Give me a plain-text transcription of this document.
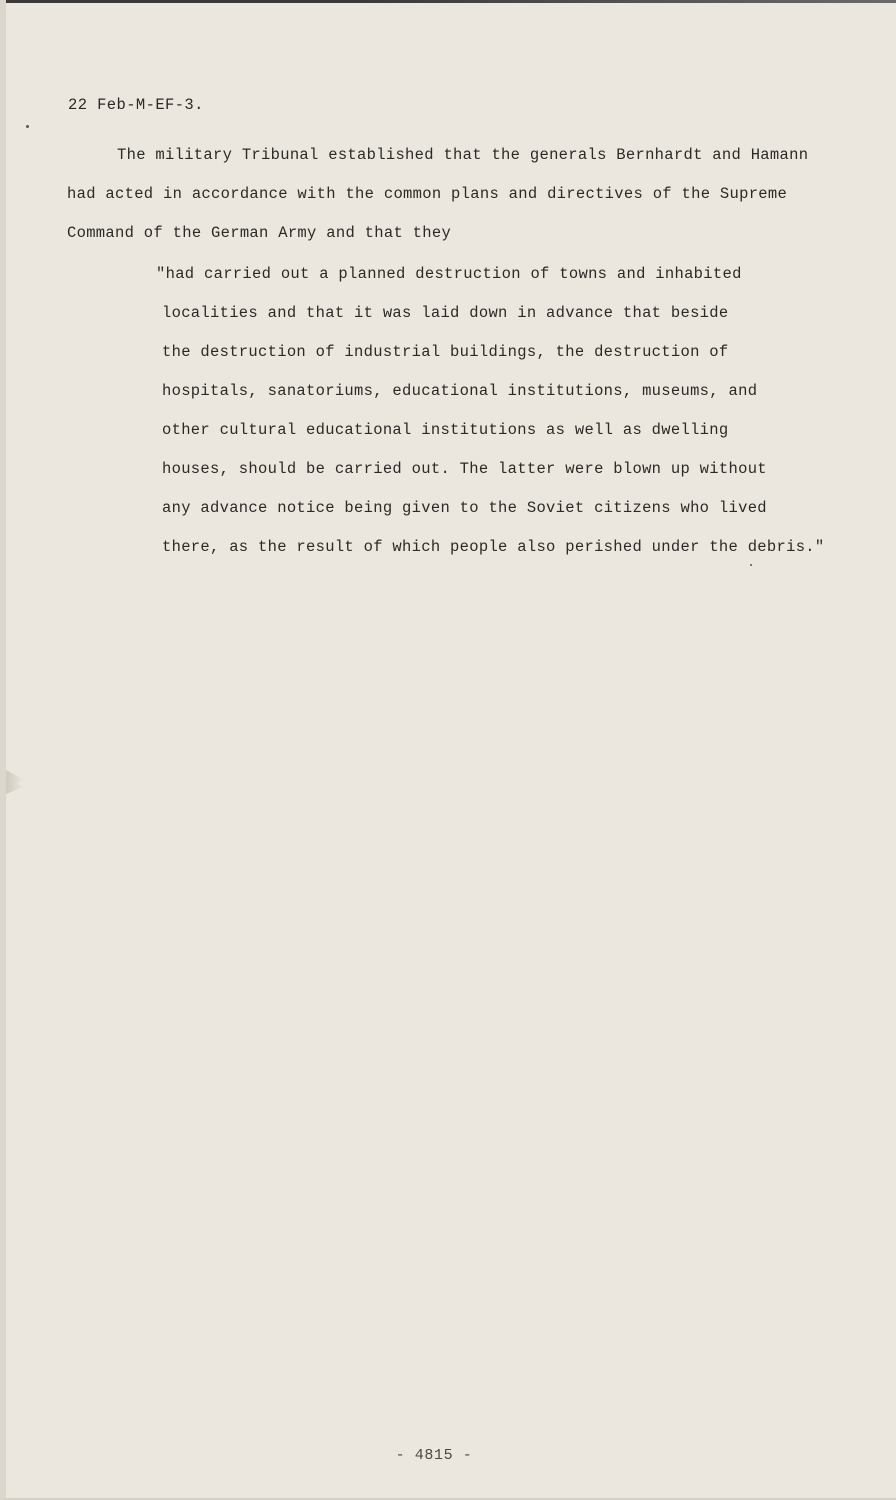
22 Feb-M-EF-3.
The military Tribunal established that the generals Bernhardt and Hamann
had acted in accordance with the common plans and directives of the Supreme
Command of the German Army and that they
"had carried out a planned destruction of towns and inhabited
localities and that it was laid down in advance that beside
the destruction of industrial buildings, the destruction of
hospitals, sanatoriums, educational institutions, museums, and
other cultural educational institutions as well as dwelling
houses, should be carried out. The latter were blown up without
any advance notice being given to the Soviet citizens who lived
there, as the result of which people also perished under the debris."
- 4815 -
